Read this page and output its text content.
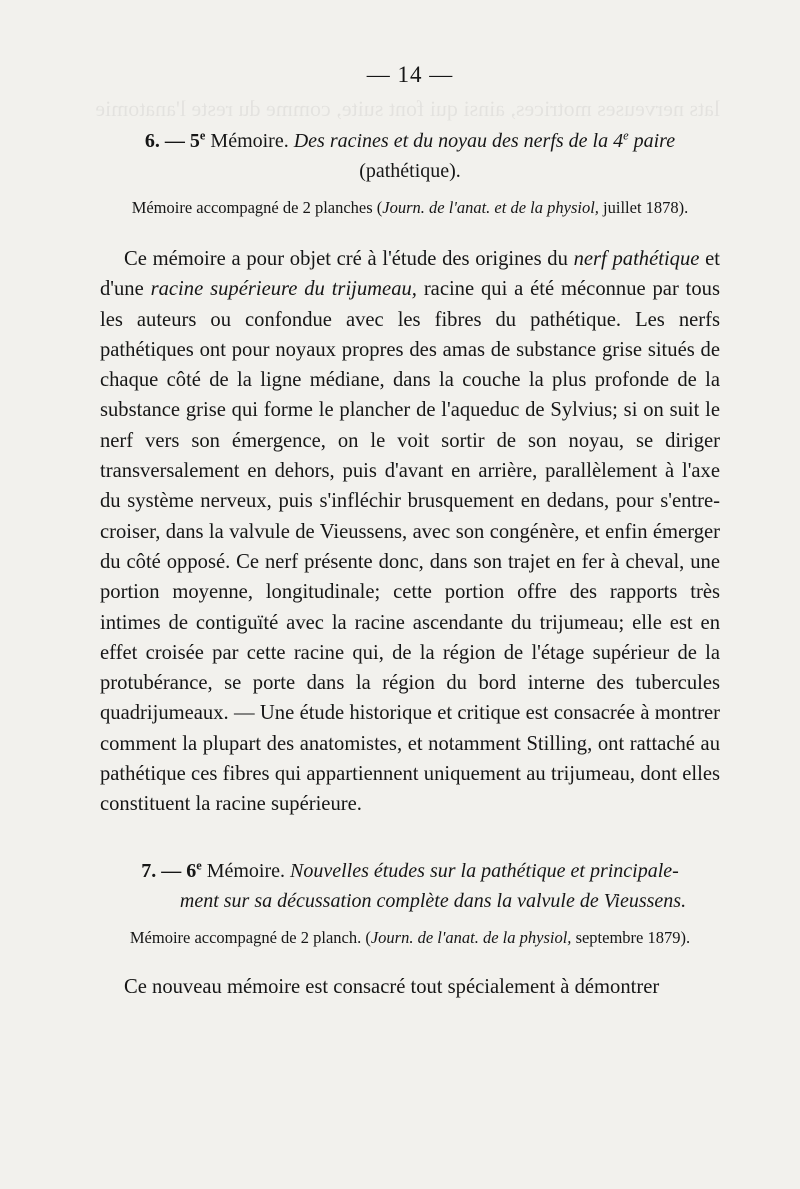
lats nerveuses motrices, ainsi qui font suite, comme du reste l'anatomie
— 14 —

6. — 5e Mémoire. Des racines et du noyau des nerfs de la 4e paire
(pathétique).

Mémoire accompagné de 2 planches (Journ. de l'anat. et de la physiol, juillet 1878).

Ce mémoire a pour objet cré à l'étude des origines du nerf pathétique et d'une racine supérieure du trijumeau, racine qui a été méconnue par tous les auteurs ou confondue avec les fibres du pathétique. Les nerfs pathétiques ont pour noyaux propres des amas de substance grise situés de chaque côté de la ligne médiane, dans la couche la plus profonde de la substance grise qui forme le plancher de l'aqueduc de Sylvius; si on suit le nerf vers son émergence, on le voit sortir de son noyau, se diriger transversalement en dehors, puis d'avant en arrière, parallèlement à l'axe du système nerveux, puis s'infléchir brusquement en dedans, pour s'entre-croiser, dans la valvule de Vieussens, avec son congénère, et enfin émerger du côté opposé. Ce nerf présente donc, dans son trajet en fer à cheval, une portion moyenne, longitudinale; cette portion offre des rapports très intimes de contiguïté avec la racine ascendante du trijumeau; elle est en effet croisée par cette racine qui, de la région de l'étage supérieur de la protubérance, se porte dans la région du bord interne des tubercules quadrijumeaux. — Une étude historique et critique est consacrée à montrer comment la plupart des anatomistes, et notamment Stilling, ont rattaché au pathétique ces fibres qui appartiennent uniquement au trijumeau, dont elles constituent la racine supérieure.

7. — 6e Mémoire. Nouvelles études sur la pathétique et principale-
ment sur sa décussation complète dans la valvule de Vieussens.

Mémoire accompagné de 2 planch. (Journ. de l'anat. de la physiol, septembre 1879).

Ce nouveau mémoire est consacré tout spécialement à démontrer
